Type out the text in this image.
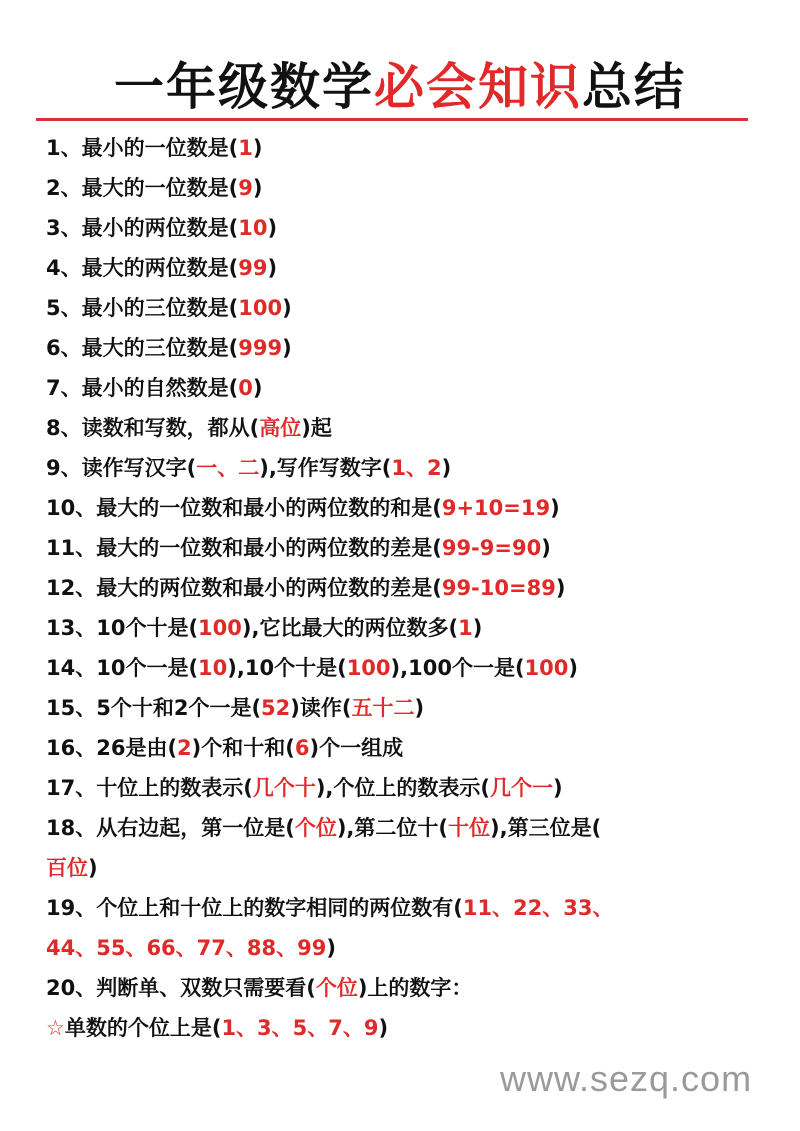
一年级数学必会知识总结
1、最小的一位数是(1)
2、最大的一位数是(9)
3、最小的两位数是(10)
4、最大的两位数是(99)
5、最小的三位数是(100)
6、最大的三位数是(999)
7、最小的自然数是(0)
8、读数和写数，都从(高位)起
9、读作写汉字(一、二),写作写数字(1、2)
10、最大的一位数和最小的两位数的和是(9+10=19)
11、最大的一位数和最小的两位数的差是(99-9=90)
12、最大的两位数和最小的两位数的差是(99-10=89)
13、10个十是(100),它比最大的两位数多(1)
14、10个一是(10),10个十是(100),100个一是(100)
15、5个十和2个一是(52)读作(五十二)
16、26是由(2)个和十和(6)个一组成
17、十位上的数表示(几个十),个位上的数表示(几个一)
18、从右边起，第一位是(个位),第二位十(十位),第三位是(
百位)
19、个位上和十位上的数字相同的两位数有(11、22、33、
44、55、66、77、88、99)
20、判断单、双数只需要看(个位)上的数字：
☆单数的个位上是(1、3、5、7、9)
www.sezq.com
